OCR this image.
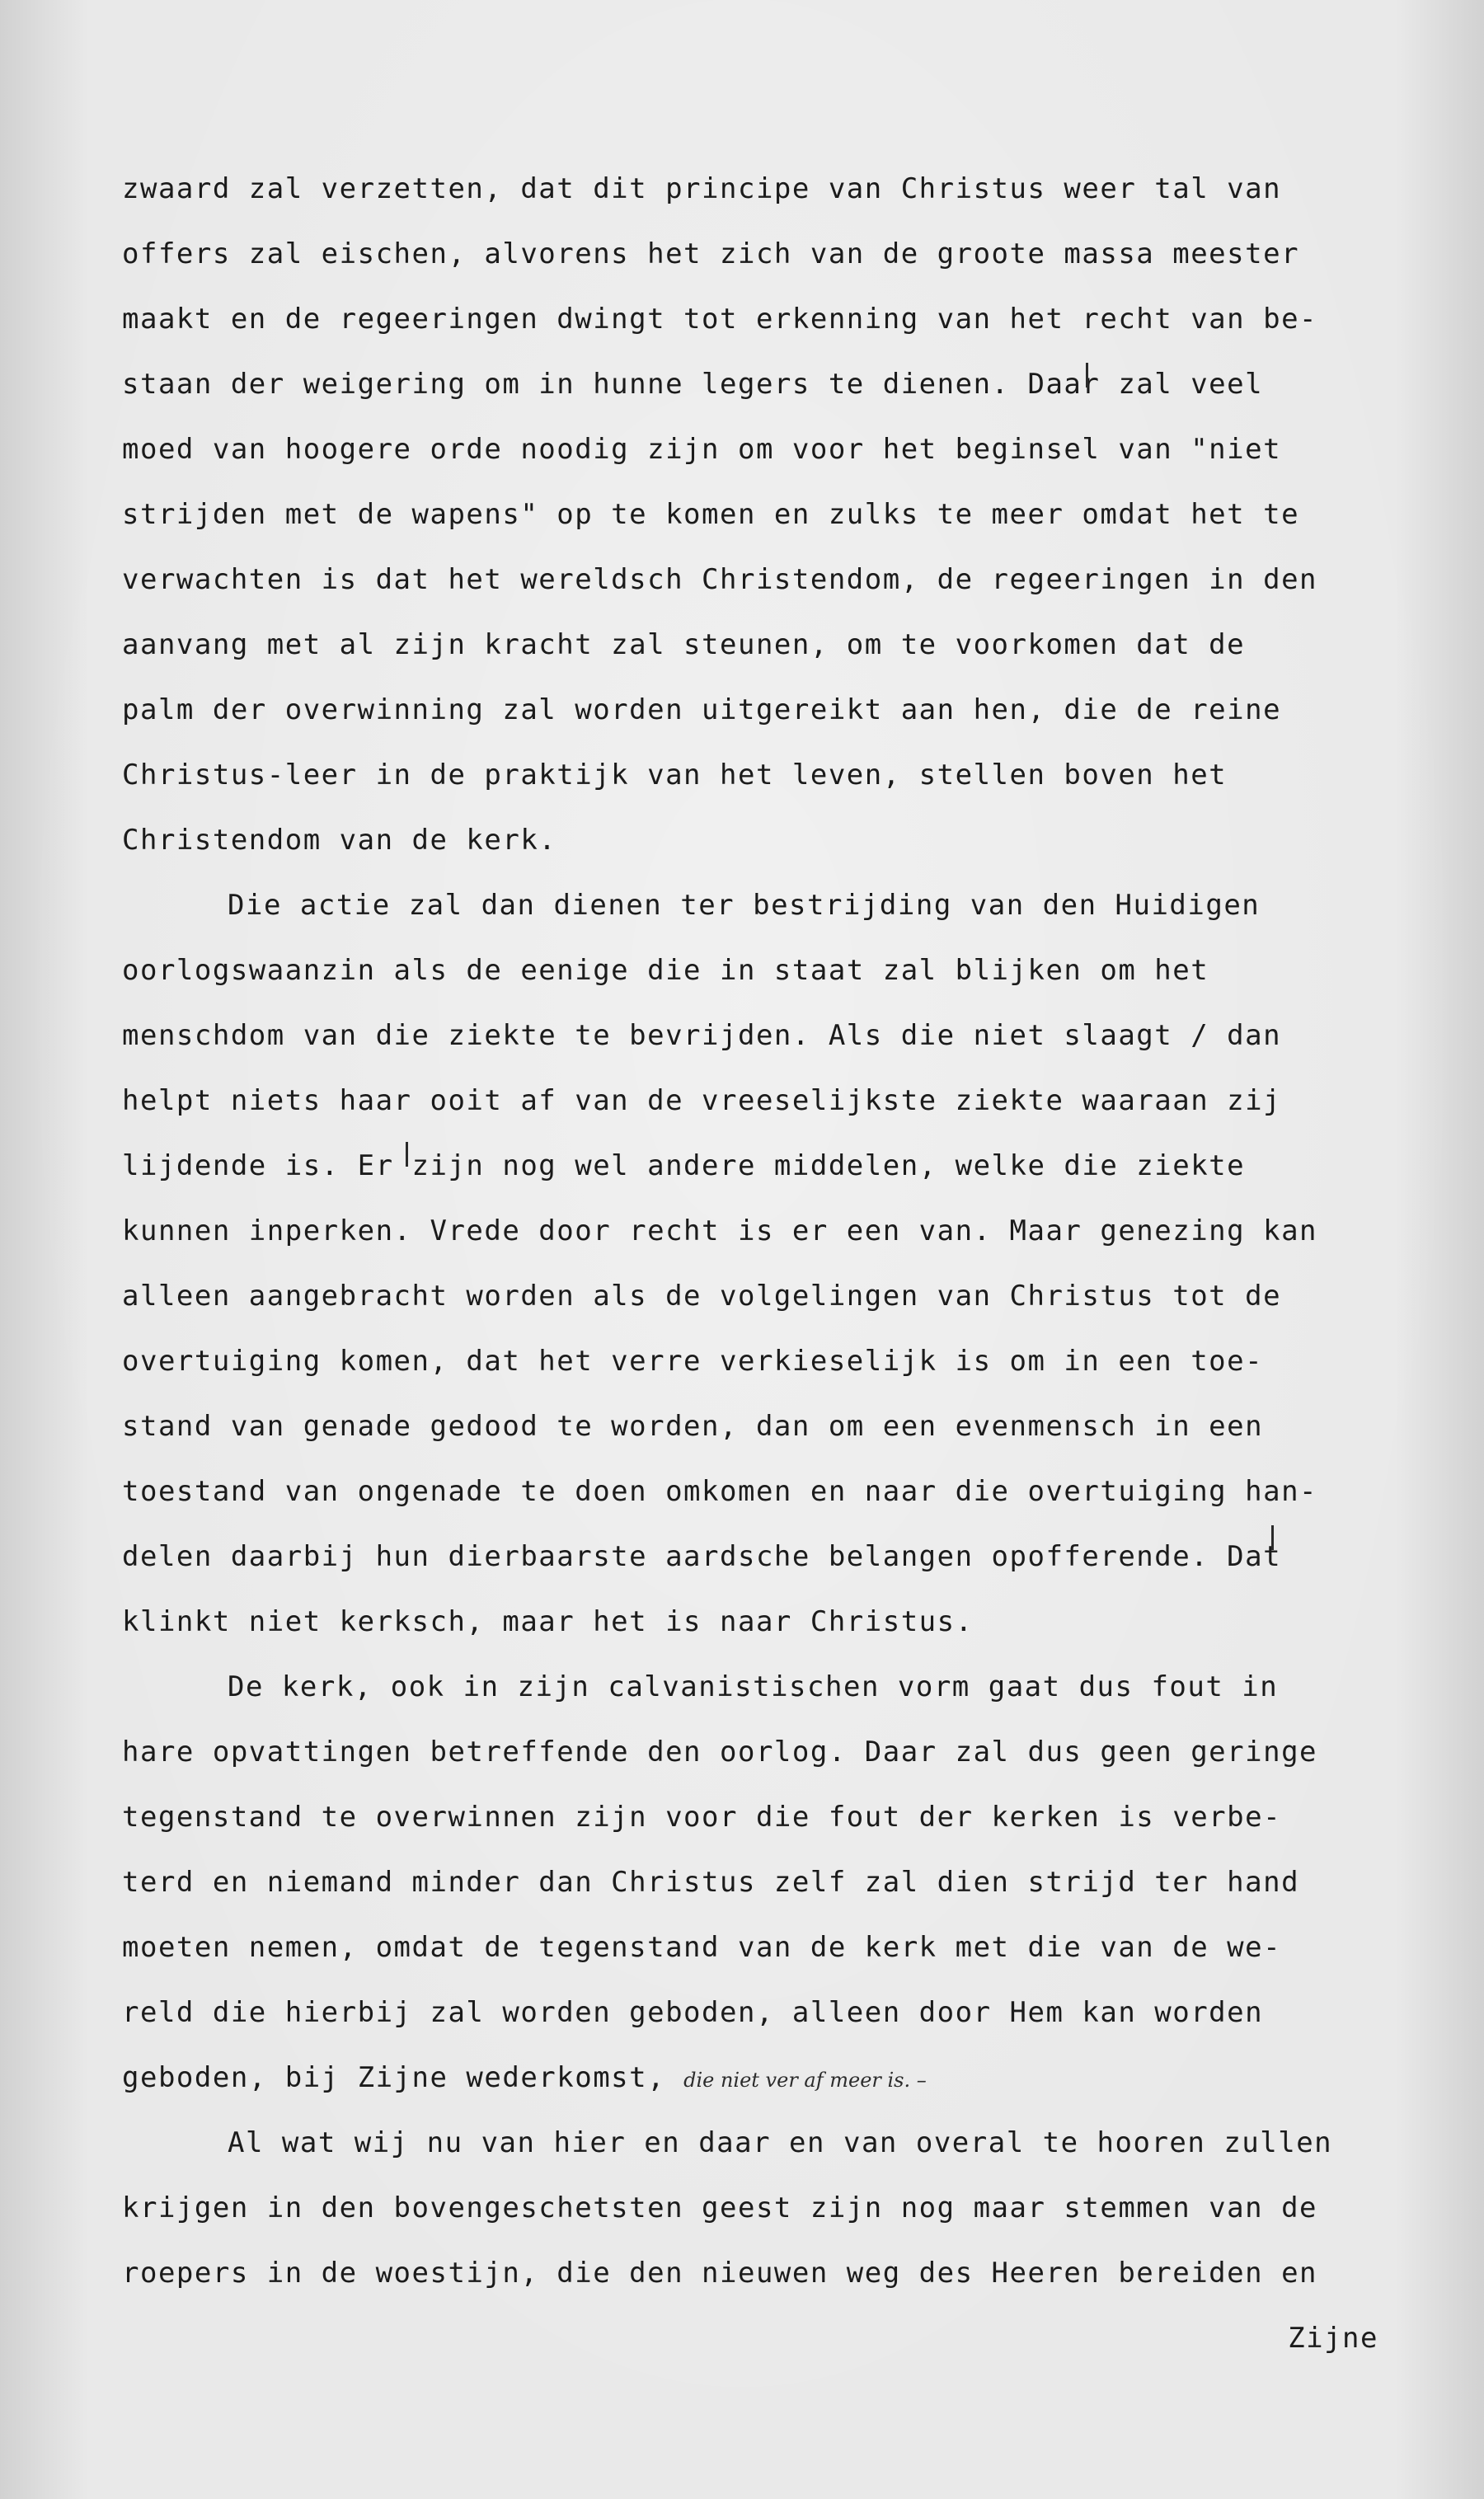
zwaard zal verzetten, dat dit principe van Christus weer tal van
offers zal eischen, alvorens het zich van de groote massa meester
maakt en de regeeringen dwingt tot erkenning van het recht van be-
staan der weigering om in hunne legers te dienen. Daar zal veel
moed van hoogere orde noodig zijn om voor het beginsel van "niet
strijden met de wapens" op te komen en zulks te meer omdat het te
verwachten is dat het wereldsch Christendom, de regeeringen in den
aanvang met al zijn kracht zal steunen, om te voorkomen dat de
palm der overwinning zal worden uitgereikt aan hen, die de reine
Christus-leer in de praktijk van het leven, stellen boven het
Christendom van de kerk.
Die actie zal dan dienen ter bestrijding van den Huidigen
oorlogswaanzin als de eenige die in staat zal blijken om het
menschdom van die ziekte te bevrijden. Als die niet slaagt / dan
helpt niets haar ooit af van de vreeselijkste ziekte waaraan zij
lijdende is. Er zijn nog wel andere middelen, welke die ziekte
kunnen inperken. Vrede door recht is er een van. Maar genezing kan
alleen aangebracht worden als de volgelingen van Christus tot de
overtuiging komen, dat het verre verkieselijk is om in een toe-
stand van genade gedood te worden, dan om een evenmensch in een
toestand van ongenade te doen omkomen en naar die overtuiging han-
delen daarbij hun dierbaarste aardsche belangen opofferende. Dat
klinkt niet kerksch, maar het is naar Christus.
De kerk, ook in zijn calvanistischen vorm gaat dus fout in
hare opvattingen betreffende den oorlog. Daar zal dus geen geringe
tegenstand te overwinnen zijn voor die fout der kerken is verbe-
terd en niemand minder dan Christus zelf zal dien strijd ter hand
moeten nemen, omdat de tegenstand van de kerk met die van de we-
reld die hierbij zal worden geboden, alleen door Hem kan worden
geboden, bij Zijne wederkomst, die niet ver af meer is. –
Al wat wij nu van hier en daar en van overal te hooren zullen
krijgen in den bovengeschetsten geest zijn nog maar stemmen van de
roepers in de woestijn, die den nieuwen weg des Heeren bereiden en
Zijne
